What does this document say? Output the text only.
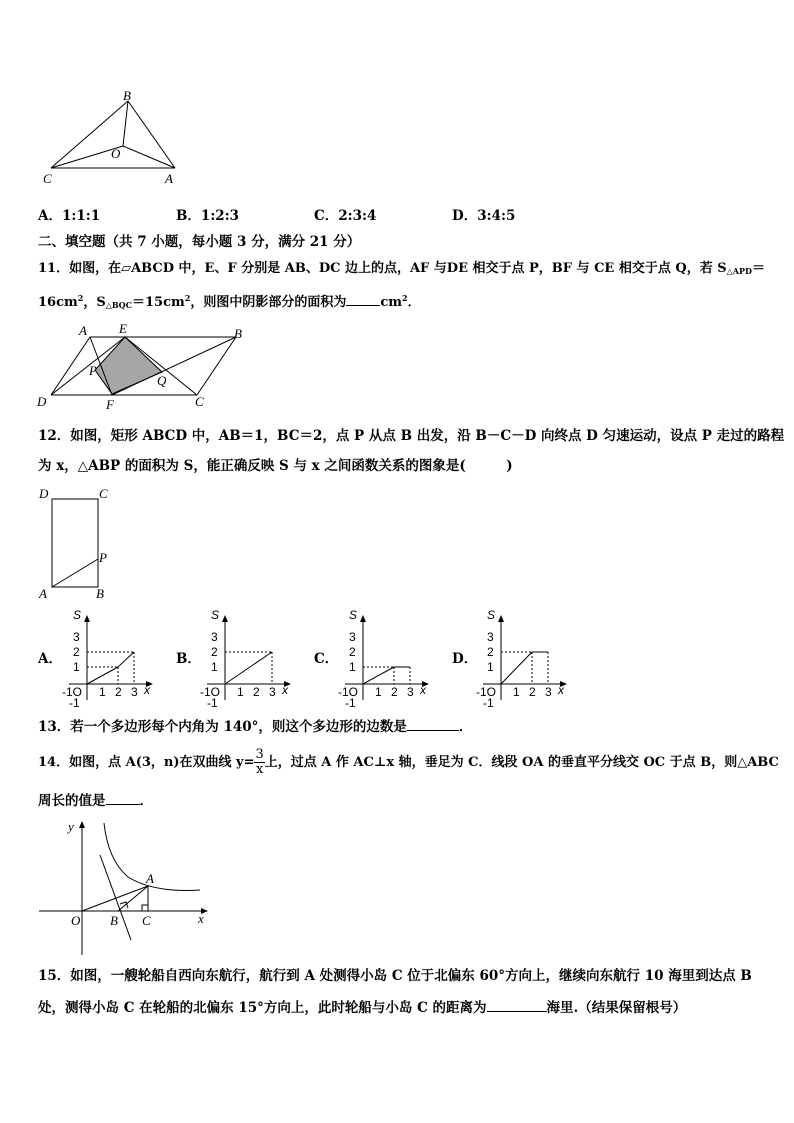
B
O
C	A
A．1:1:1	B．1:2:3	C．2:3:4	D．3:4:5
二、填空题（共 7 小题，每小题 3 分，满分 21 分）
11．如图，在▱ABCD 中，E、F 分别是 AB、DC 边上的点，AF 与DE 相交于点 P，BF 与 CE 相交于点 Q，若 $S_{\triangle APD}=$
$16cm^2$，$S_{\triangle BQC}=15cm^2$，则图中阴影部分的面积为	$cm^2$．
A E	B
P
Q
D	F	C
12．如图，矩形 ABCD 中，AB＝1，BC＝2，点 P 从点 B 出发，沿 B－C－D 向终点 D 匀速运动，设点 P 走过的路程
为 x，△ABP 的面积为 S，能正确反映 S 与 x 之间函数关系的图象是(　　　)
D	C
P
A	B
A．	B．	C．	D．
S
3
2
1
-1O
-1
1 2 3 x
S
3
2
1
-1O
-1
1 2 3 x
S
3
2
1
-1O
-1
1 2 3 x
S
3
2
1
-1O
-1
1 2 3 x
13．若一个多边形每个内角为 140°，则这个多边形的边数是	．
14．如图，点 A(3，n)在双曲线 $y= \frac{3}{x}$ 上，过点 A 作 AC⊥x 轴，垂足为 C．线段 OA 的垂直平分线交 OC 于点 B，则△ABC
周长的值是	．
y
x
O
A
B C
15．如图，一艘轮船自西向东航行，航行到 A 处测得小岛 C 位于北偏东 60°方向上，继续向东航行 10 海里到达点 B
处，测得小岛 C 在轮船的北偏东 15°方向上，此时轮船与小岛 C 的距离为	海里.（结果保留根号）
